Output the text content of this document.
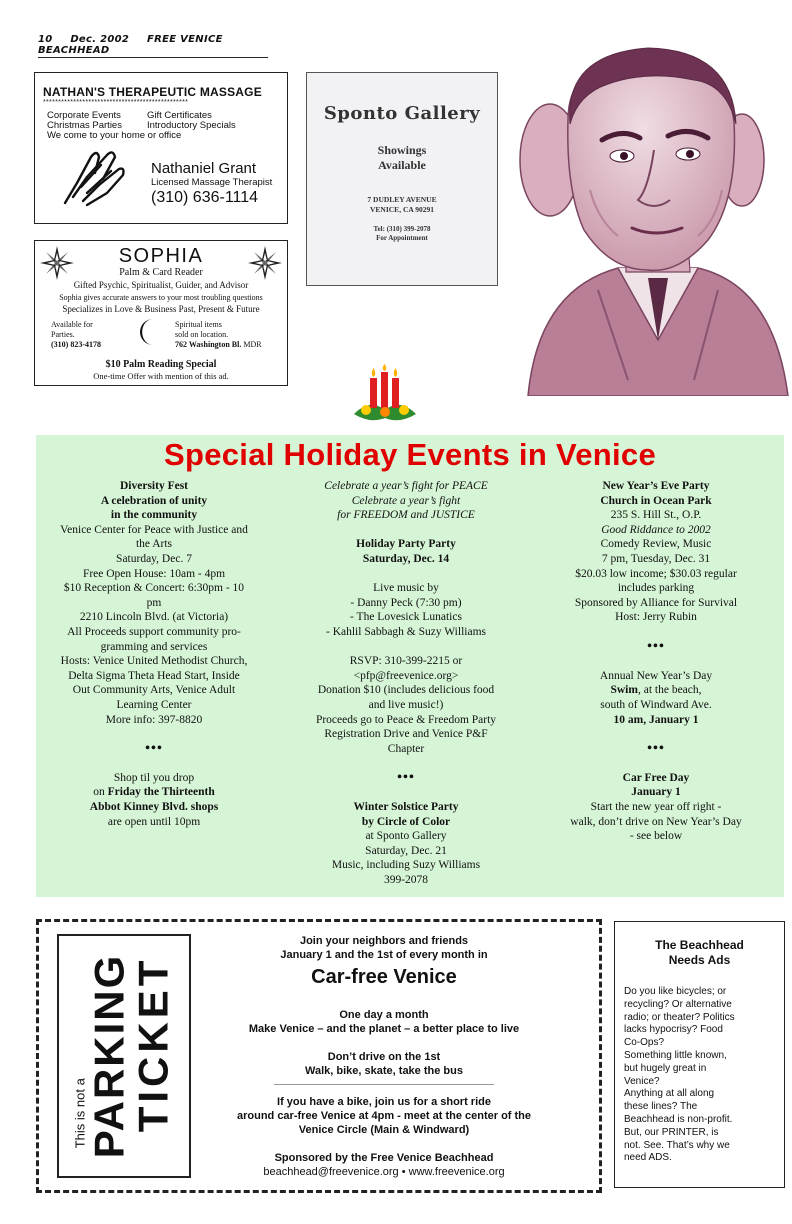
10 Dec. 2002 FREE VENICE BEACHHEAD
NATHAN'S THERAPEUTIC MASSAGE
************************************************
Corporate Events	Gift Certificates
Christmas Parties	Introductory Specials
We come to your home or office
Nathaniel Grant
Licensed Massage Therapist
(310) 636-1114
SOPHIA
Palm & Card Reader
Gifted Psychic, Spiritualist, Guider, and Advisor
Sophia gives accurate answers to your most troubling questions
Specializes in Love & Business Past, Present & Future
Available for
Parties.
(310) 823-4178
Spiritual items
sold on location.
762 Washington Bl. MDR
$10 Palm Reading Special
One-time Offer with mention of this ad.
Sponto Gallery
Showings
Available
7 DUDLEY AVENUE
VENICE, CA 90291
Tel: (310) 399-2078
For Appointment
Special Holiday Events in Venice
Diversity Fest
A celebration of unity
in the community
Venice Center for Peace with Justice and
the Arts
Saturday, Dec. 7
Free Open House: 10am - 4pm
$10 Reception & Concert: 6:30pm - 10
pm
2210 Lincoln Blvd. (at Victoria)
All Proceeds support community pro-
gramming and services
Hosts: Venice United Methodist Church,
Delta Sigma Theta Head Start, Inside
Out Community Arts, Venice Adult
Learning Center
More info: 397-8820

•••

Shop til you drop
on Friday the Thirteenth
Abbot Kinney Blvd. shops
are open until 10pm
Celebrate a year’s fight for PEACE
Celebrate a year’s fight
for FREEDOM and JUSTICE

Holiday Party Party
Saturday, Dec. 14

Live music by
- Danny Peck (7:30 pm)
- The Lovesick Lunatics
- Kahlil Sabbagh & Suzy Williams

RSVP: 310-399-2215 or
<pfp@freevenice.org>
Donation $10 (includes delicious food
and live music!)
Proceeds go to Peace & Freedom Party
Registration Drive and Venice P&F
Chapter

•••

Winter Solstice Party
by Circle of Color
at Sponto Gallery
Saturday, Dec. 21
Music, including Suzy Williams
399-2078
New Year’s Eve Party
Church in Ocean Park
235 S. Hill St., O.P.
Good Riddance to 2002
Comedy Review, Music
7 pm, Tuesday, Dec. 31
$20.03 low income; $30.03 regular
includes parking
Sponsored by Alliance for Survival
Host: Jerry Rubin

•••

Annual New Year’s Day
Swim, at the beach,
south of Windward Ave.
10 am, January 1

•••

Car Free Day
January 1
Start the new year off right -
walk, don’t drive on New Year’s Day
- see below
This is not a
PARKING
TICKET
Join your neighbors and friends
January 1 and the 1st of every month in
Car-free Venice
One day a month
Make Venice – and the planet – a better place to live
Don’t drive on the 1st
Walk, bike, skate, take the bus
If you have a bike, join us for a short ride
around car-free Venice at 4pm - meet at the center of the
Venice Circle (Main & Windward)
Sponsored by the Free Venice Beachhead
beachhead@freevenice.org • www.freevenice.org
The Beachhead
Needs Ads
Do you like bicycles; or
recycling? Or alternative
radio; or theater? Politics
lacks hypocrisy? Food
Co-Ops?
Something little known,
but hugely great in
Venice?
Anything at all along
these lines? The
Beachhead is non-profit.
But, our PRINTER, is
not. See. That’s why we
need ADS.
